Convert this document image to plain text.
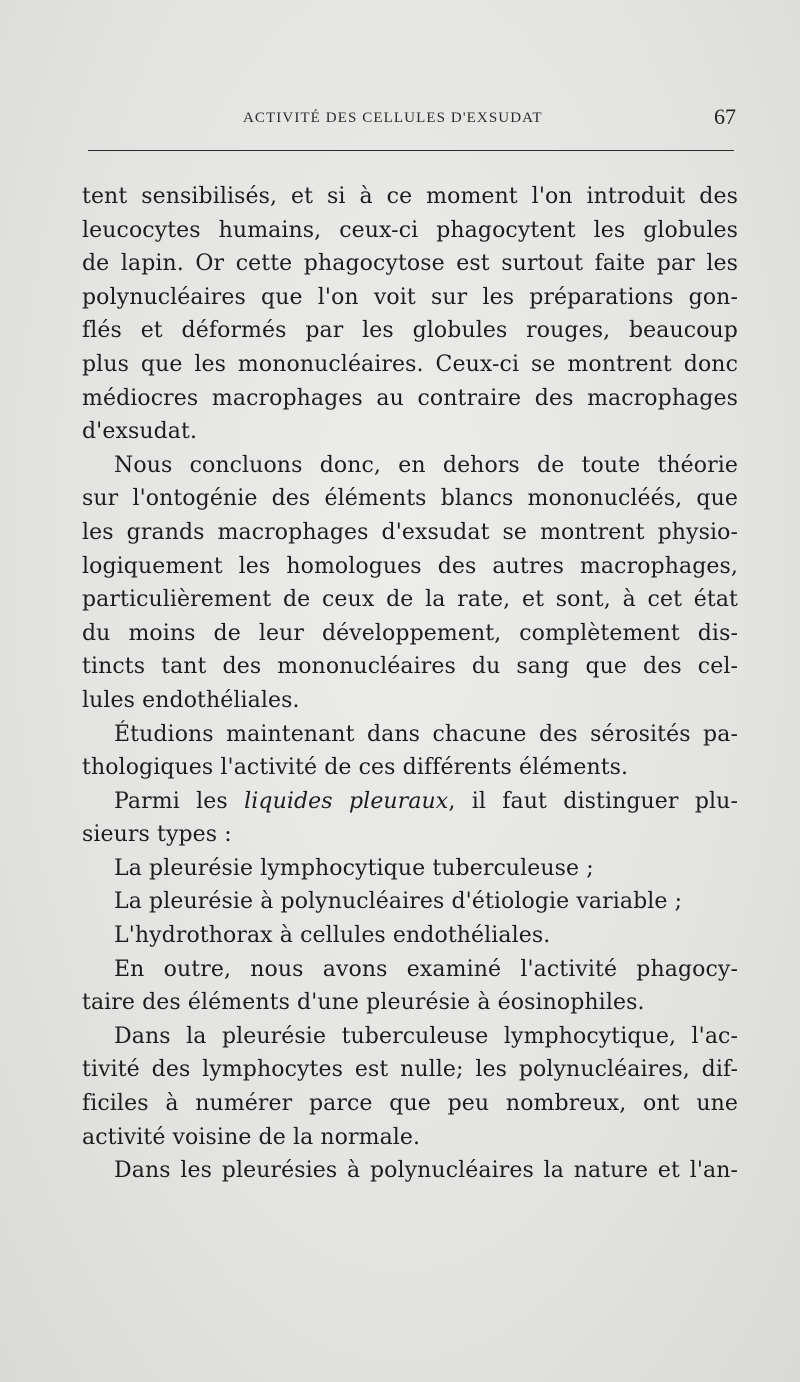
ACTIVITÉ DES CELLULES D'EXSUDAT	67
tent sensibilisés, et si à ce moment l'on introduit des
leucocytes humains, ceux-ci phagocytent les globules
de lapin. Or cette phagocytose est surtout faite par les
polynucléaires que l'on voit sur les préparations gon-
flés et déformés par les globules rouges, beaucoup
plus que les mononucléaires. Ceux-ci se montrent donc
médiocres macrophages au contraire des macrophages
d'exsudat.
Nous concluons donc, en dehors de toute théorie
sur l'ontogénie des éléments blancs mononucléés, que
les grands macrophages d'exsudat se montrent physio-
logiquement les homologues des autres macrophages,
particulièrement de ceux de la rate, et sont, à cet état
du moins de leur développement, complètement dis-
tincts tant des mononucléaires du sang que des cel-
lules endothéliales.
Étudions maintenant dans chacune des sérosités pa-
thologiques l'activité de ces différents éléments.
Parmi les liquides pleuraux, il faut distinguer plu-
sieurs types :
La pleurésie lymphocytique tuberculeuse ;
La pleurésie à polynucléaires d'étiologie variable ;
L'hydrothorax à cellules endothéliales.
En outre, nous avons examiné l'activité phagocy-
taire des éléments d'une pleurésie à éosinophiles.
Dans la pleurésie tuberculeuse lymphocytique, l'ac-
tivité des lymphocytes est nulle; les polynucléaires, dif-
ficiles à numérer parce que peu nombreux, ont une
activité voisine de la normale.
Dans les pleurésies à polynucléaires la nature et l'an-
